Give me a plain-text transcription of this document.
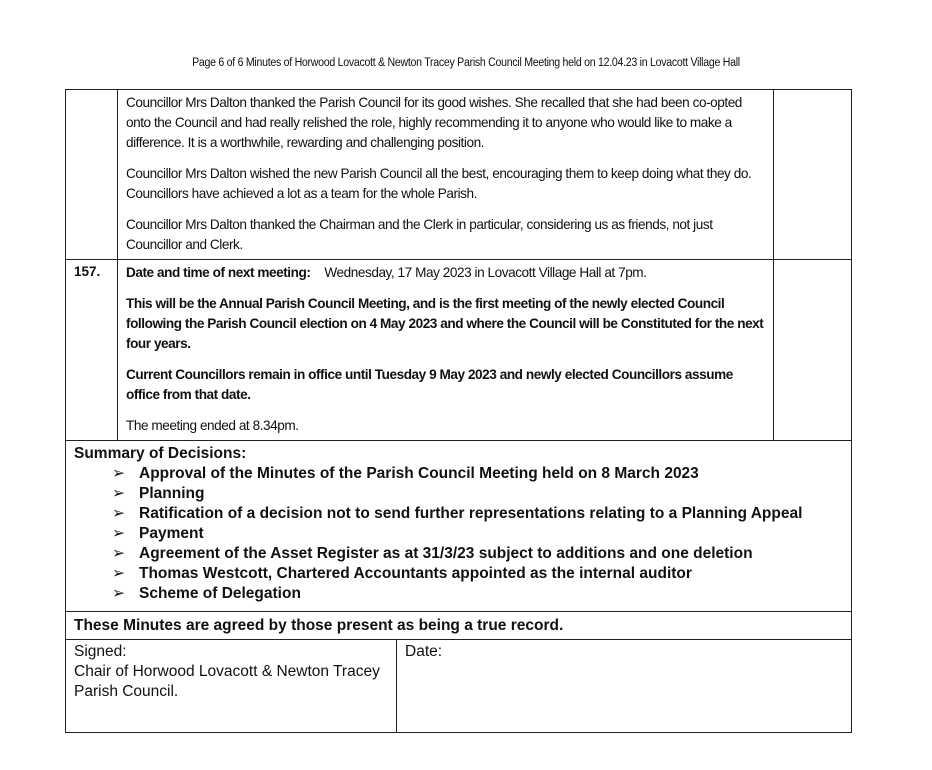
Page 6 of 6 Minutes of Horwood Lovacott & Newton Tracey Parish Council Meeting held on 12.04.23 in Lovacott Village Hall

Councillor Mrs Dalton thanked the Parish Council for its good wishes. She recalled that she had been co-opted onto the Council and had really relished the role, highly recommending it to anyone who would like to make a difference. It is a worthwhile, rewarding and challenging position.

Councillor Mrs Dalton wished the new Parish Council all the best, encouraging them to keep doing what they do. Councillors have achieved a lot as a team for the whole Parish.

Councillor Mrs Dalton thanked the Chairman and the Clerk in particular, considering us as friends, not just Councillor and Clerk.

157.	Date and time of next meeting: Wednesday, 17 May 2023 in Lovacott Village Hall at 7pm.

This will be the Annual Parish Council Meeting, and is the first meeting of the newly elected Council following the Parish Council election on 4 May 2023 and where the Council will be Constituted for the next four years.

Current Councillors remain in office until Tuesday 9 May 2023 and newly elected Councillors assume office from that date.

The meeting ended at 8.34pm.

Summary of Decisions:
➢ Approval of the Minutes of the Parish Council Meeting held on 8 March 2023
➢ Planning
➢ Ratification of a decision not to send further representations relating to a Planning Appeal
➢ Payment
➢ Agreement of the Asset Register as at 31/3/23 subject to additions and one deletion
➢ Thomas Westcott, Chartered Accountants appointed as the internal auditor
➢ Scheme of Delegation
These Minutes are agreed by those present as being a true record.
Signed:
Chair of Horwood Lovacott & Newton Tracey Parish Council.
Date:
